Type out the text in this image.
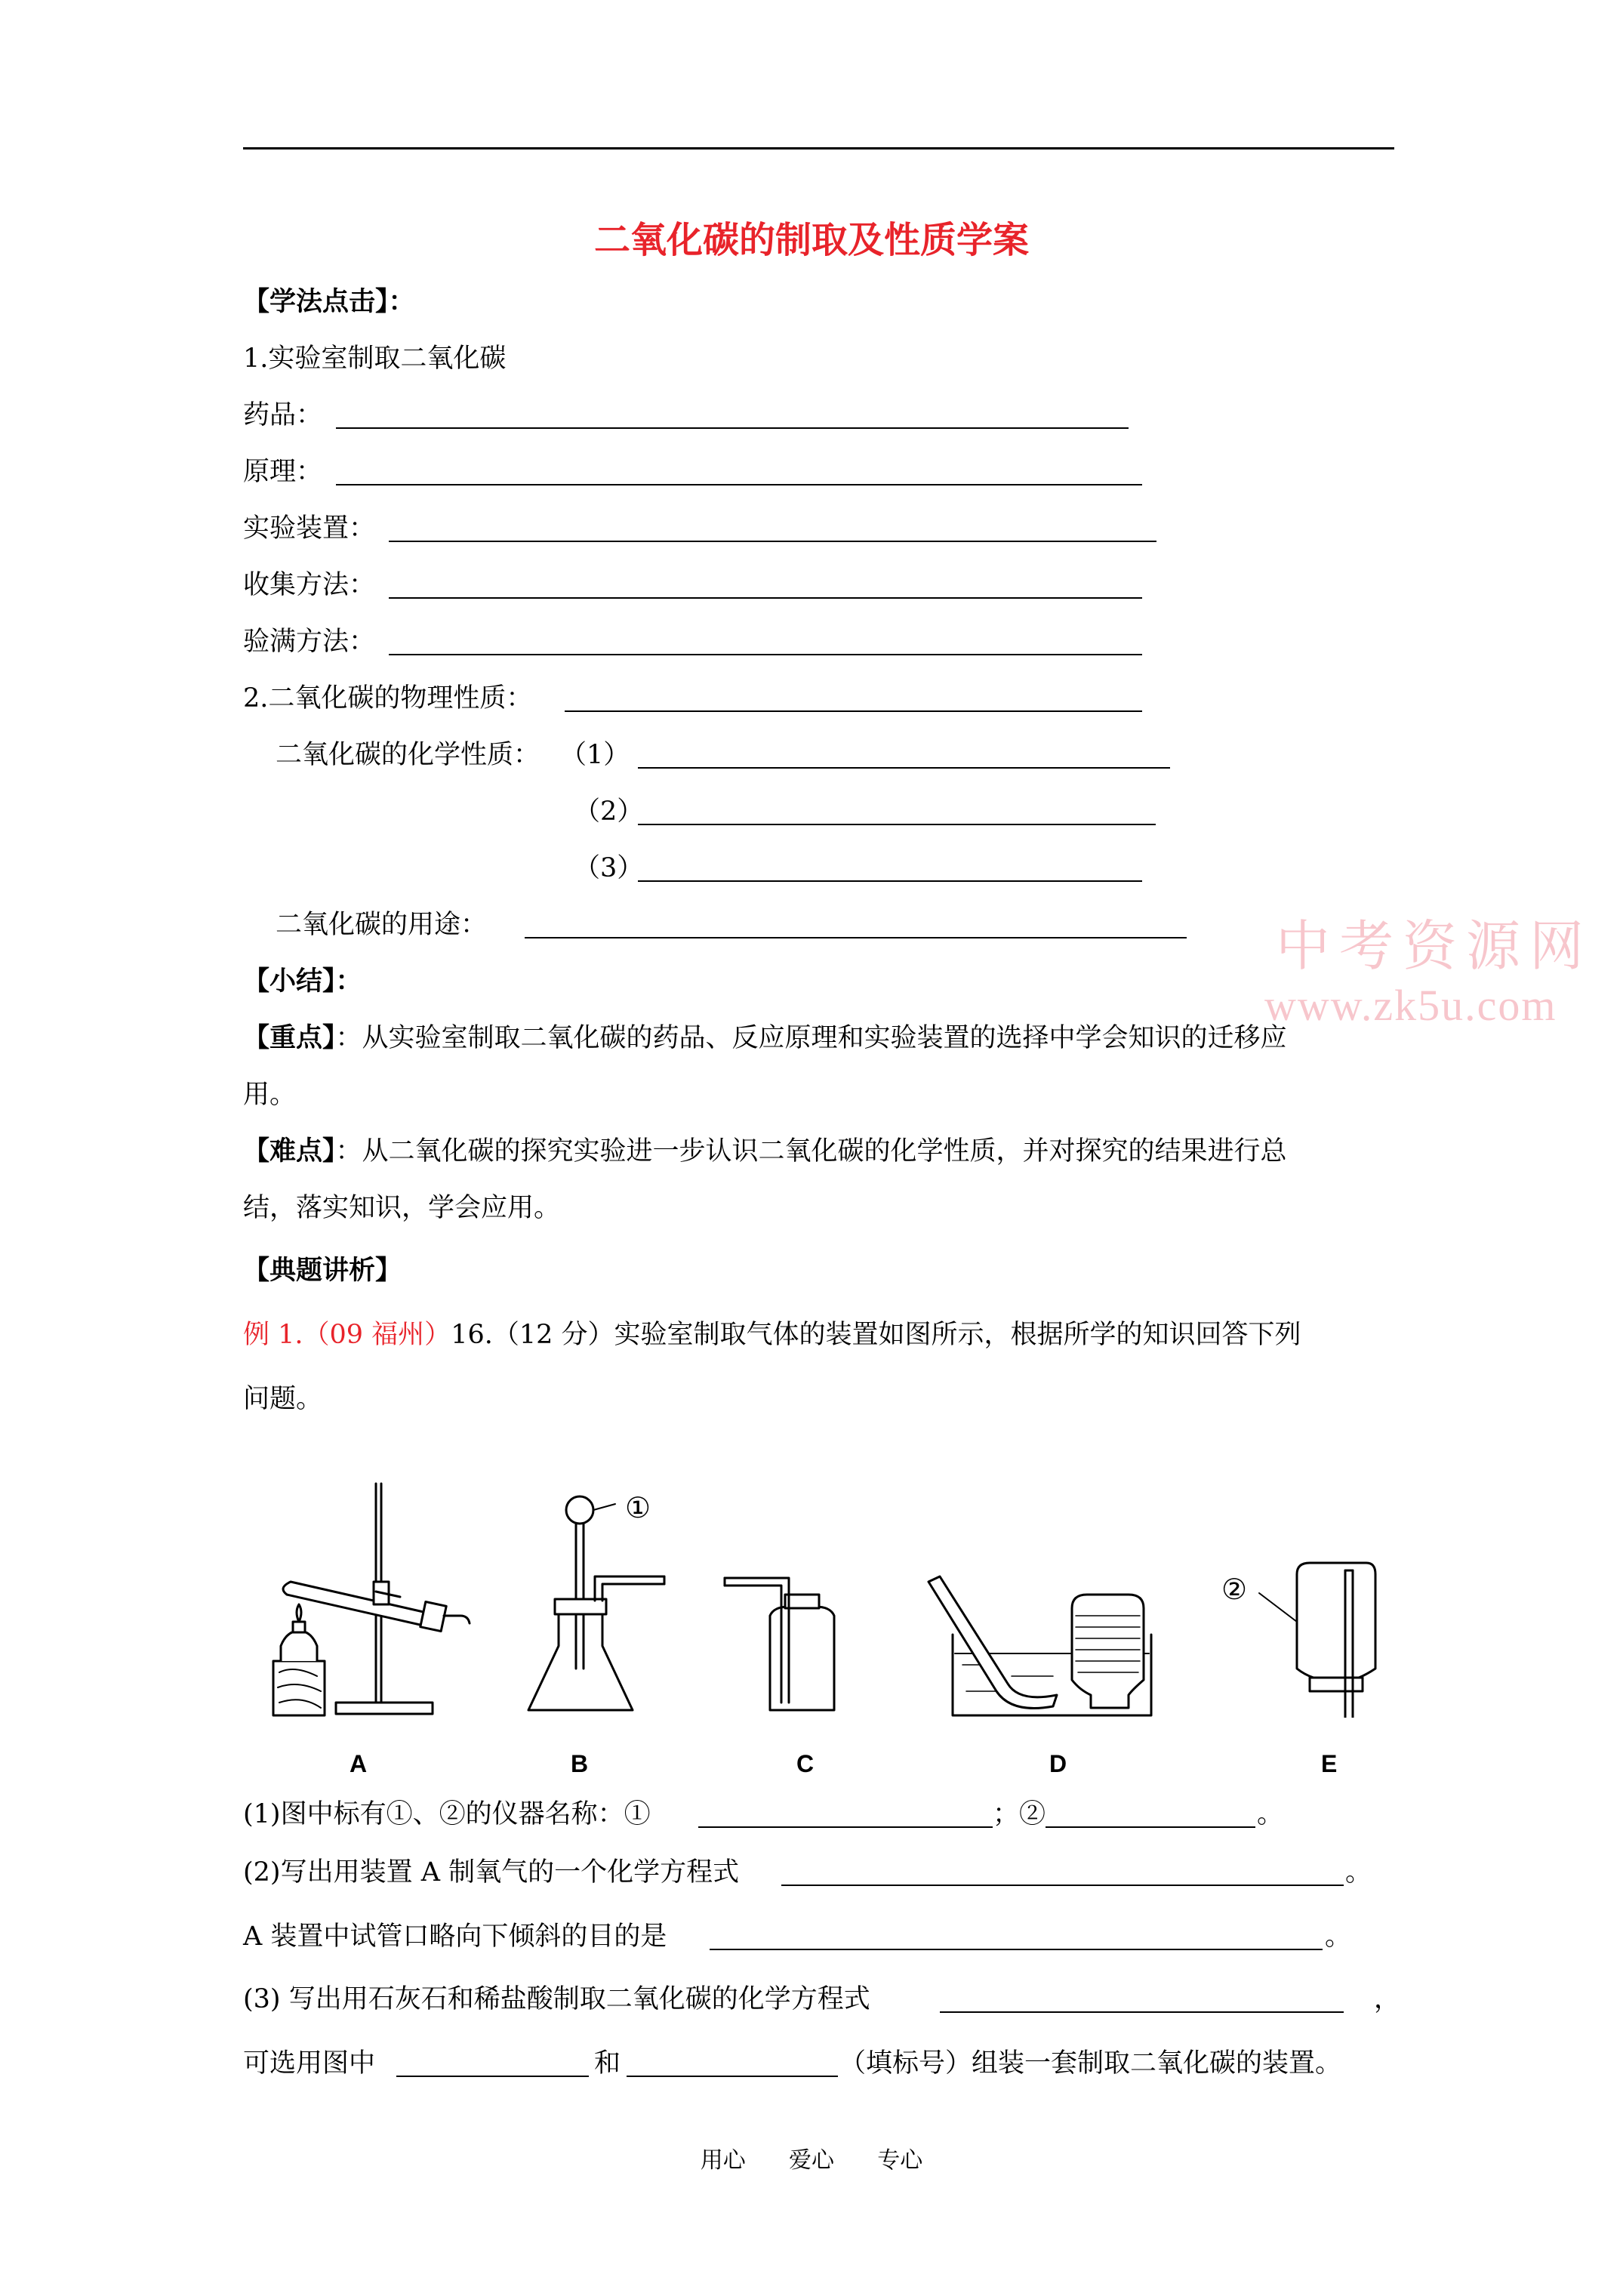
二氧化碳的制取及性质学案
【学法点击】：
1.实验室制取二氧化碳
药品：
原理：
实验装置：
收集方法：
验满方法：
2.二氧化碳的物理性质：
二氧化碳的化学性质： （1）
（2）
（3）
二氧化碳的用途：	中考资源网
www.zk5u.com
【小结】：
【重点】：从实验室制取二氧化碳的药品、反应原理和实验装置的选择中学会知识的迁移应
用。
【难点】：从二氧化碳的探究实验进一步认识二氧化碳的化学性质，并对探究的结果进行总
结，落实知识，学会应用。
【典题讲析】
例 1.（09 福州）16.（12 分）实验室制取气体的装置如图所示，根据所学的知识回答下列
问题。
①
②
A	B	C	D	E
(1)图中标有①、②的仪器名称：①	；②	。
(2)写出用装置 A 制氧气的一个化学方程式	。
A 装置中试管口略向下倾斜的目的是	。
(3) 写出用石灰石和稀盐酸制取二氧化碳的化学方程式	，
可选用图中	和	（填标号）组装一套制取二氧化碳的装置。
用心      爱心      专心
